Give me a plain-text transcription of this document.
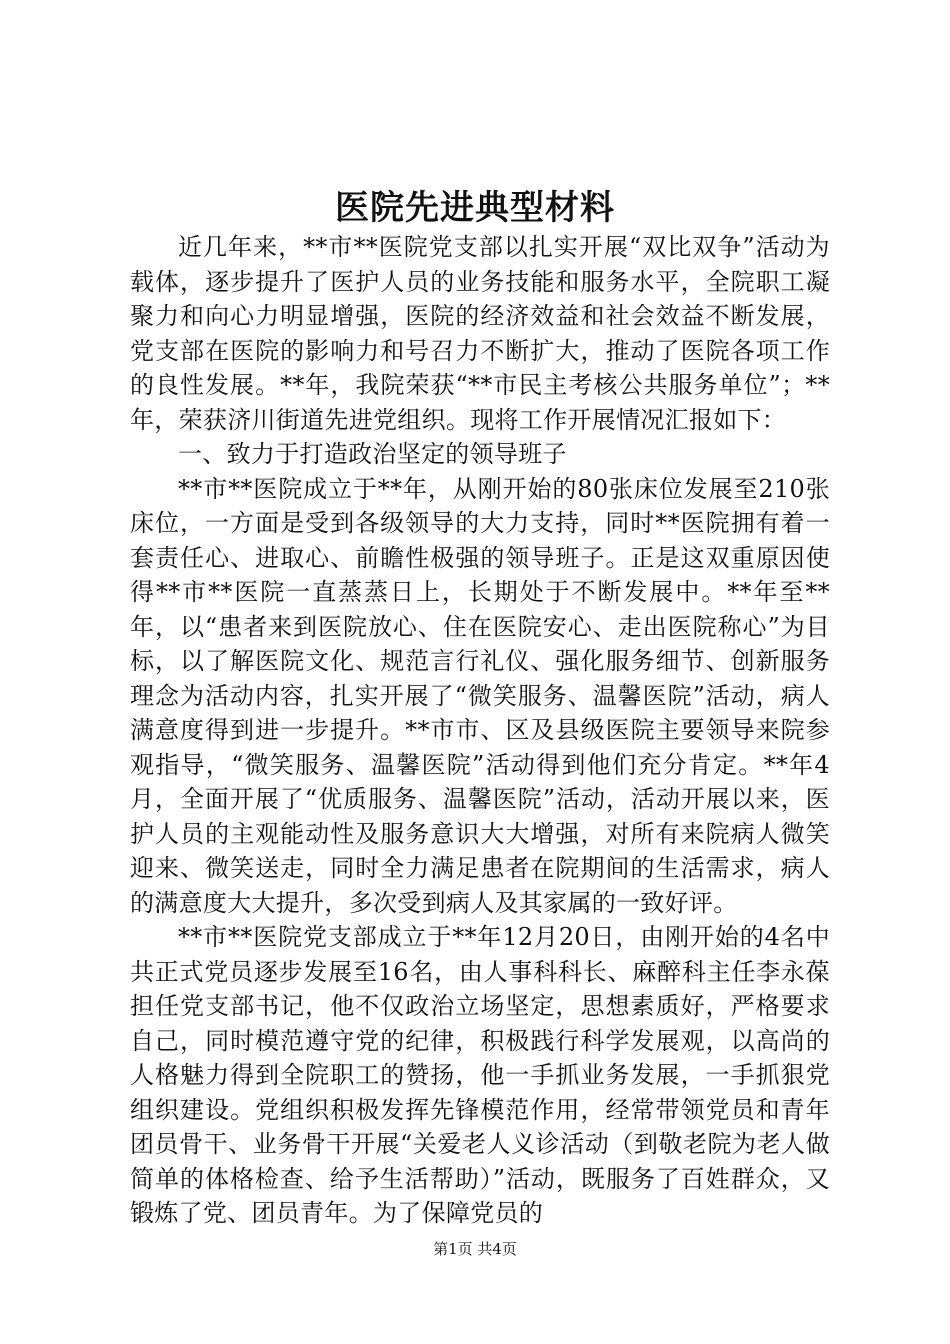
医院先进典型材料

近几年来，**市**医院党支部以扎实开展“双比双争”活动为载体，逐步提升了医护人员的业务技能和服务水平，全院职工凝聚力和向心力明显增强，医院的经济效益和社会效益不断发展，党支部在医院的影响力和号召力不断扩大，推动了医院各项工作的良性发展。**年，我院荣获“**市民主考核公共服务单位”；**年，荣获济川街道先进党组织。现将工作开展情况汇报如下：

一、致力于打造政治坚定的领导班子

**市**医院成立于**年，从刚开始的80张床位发展至210张床位，一方面是受到各级领导的大力支持，同时**医院拥有着一套责任心、进取心、前瞻性极强的领导班子。正是这双重原因使得**市**医院一直蒸蒸日上，长期处于不断发展中。**年至**年，以“患者来到医院放心、住在医院安心、走出医院称心”为目标，以了解医院文化、规范言行礼仪、强化服务细节、创新服务理念为活动内容，扎实开展了“微笑服务、温馨医院”活动，病人满意度得到进一步提升。**市市、区及县级医院主要领导来院参观指导，“微笑服务、温馨医院”活动得到他们充分肯定。**年4月，全面开展了“优质服务、温馨医院”活动，活动开展以来，医护人员的主观能动性及服务意识大大增强，对所有来院病人微笑迎来、微笑送走，同时全力满足患者在院期间的生活需求，病人的满意度大大提升，多次受到病人及其家属的一致好评。

**市**医院党支部成立于**年12月20日，由刚开始的4名中共正式党员逐步发展至16名，由人事科科长、麻醉科主任李永葆担任党支部书记，他不仅政治立场坚定，思想素质好，严格要求自己，同时模范遵守党的纪律，积极践行科学发展观，以高尚的人格魅力得到全院职工的赞扬，他一手抓业务发展，一手抓狠党组织建设。党组织积极发挥先锋模范作用，经常带领党员和青年团员骨干、业务骨干开展“关爱老人义诊活动（到敬老院为老人做简单的体格检查、给予生活帮助）”活动，既服务了百姓群众，又锻炼了党、团员青年。为了保障党员的

第1页 共4页
